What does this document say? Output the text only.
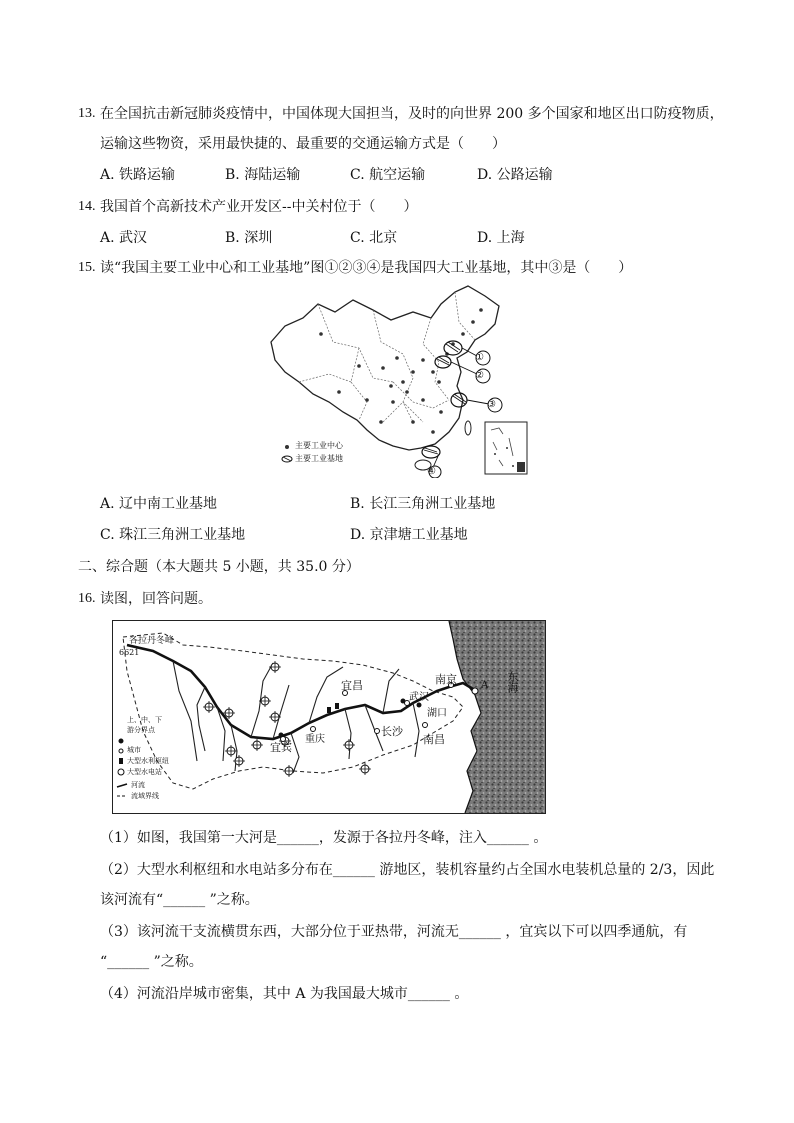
13. 在全国抗击新冠肺炎疫情中，中国体现大国担当，及时的向世界 200 多个国家和地区出口防疫物质，
运输这些物资，采用最快捷的、最重要的交通运输方式是（　　）
A. 铁路运输	B. 海陆运输	C. 航空运输	D. 公路运输
14. 我国首个高新技术产业开发区--中关村位于（　　）
A. 武汉	B. 深圳	C. 北京	D. 上海
15. 读“我国主要工业中心和工业基地”图①②③④是我国四大工业基地，其中③是（　　）
①
②
③
④
主要工业中心
主要工业基地
A. 辽中南工业基地	B. 长江三角洲工业基地
C. 珠江三角洲工业基地	D. 京津塘工业基地
二、综合题（本大题共 5 小题，共 35.0 分）
16. 读图，回答问题。
各拉丹冬峰
6621
宜昌
宜宾
重庆
长沙
武汉
南京
湖口
南昌
A 东海
上、中、下
游分界点
城市
大型水利枢纽
大型水电站
河流
流域界线
（1）如图，我国第一大河是______，发源于各拉丹冬峰，注入______ 。
（2）大型水利枢纽和水电站多分布在______ 游地区，装机容量约占全国水电装机总量的 2/3，因此
该河流有“______ ”之称。
（3）该河流干支流横贯东西，大部分位于亚热带，河流无______ ，宜宾以下可以四季通航，有
“______ ”之称。
（4）河流沿岸城市密集，其中 A 为我国最大城市______ 。
